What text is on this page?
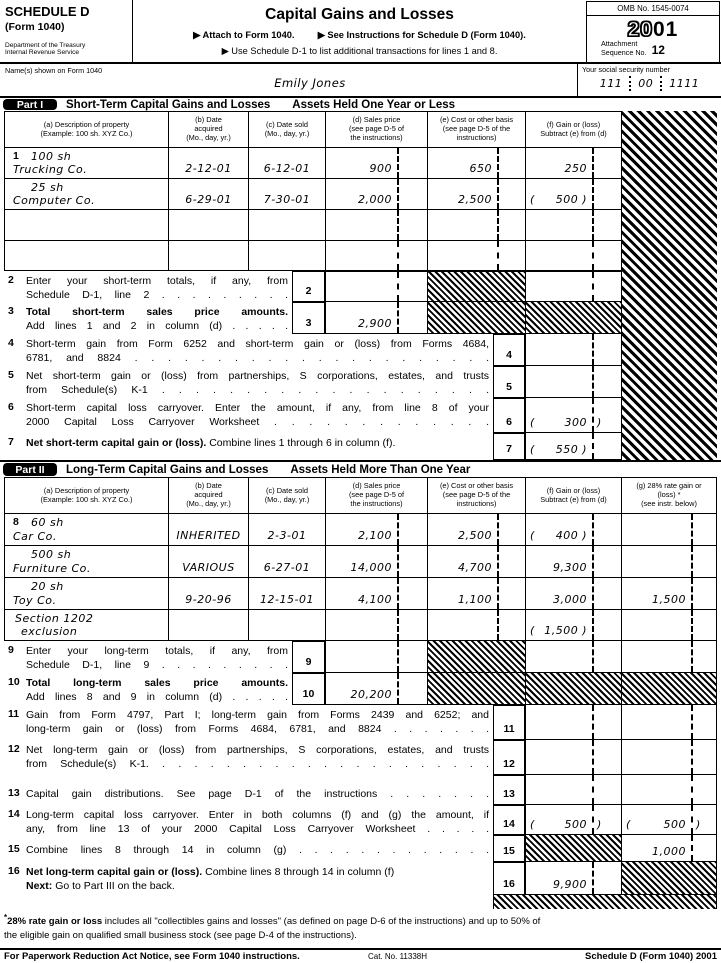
SCHEDULE D
(Form 1040)
Department of the Treasury
Internal Revenue Service
Capital Gains and Losses
▶ Attach to Form 1040. ▶ See Instructions for Schedule D (Form 1040).
▶ Use Schedule D-1 to list additional transactions for lines 1 and 8.
OMB No. 1545-0074
2001
Attachment
Sequence No. 12
Name(s) shown on Form 1040
Emily Jones
Your social security number
111 00 1111
Part I	Short-Term Capital Gains and Losses Assets Held One Year or Less
(a) Description of property
(Example: 100 sh. XYZ Co.)
(b) Date
acquired
(Mo., day, yr.)
(c) Date sold
(Mo., day, yr.)
(d) Sales price
(see page D-5 of
the instructions)
(e) Cost or other basis
(see page D-5 of the
instructions)
(f) Gain or (loss)
Subtract (e) from (d)
1	100 sh
Trucking Co.	2-12-01	6-12-01	900	650	250
25 sh
Computer Co.	6-29-01	7-30-01	2,000	2,500	(	500 )
2 Enter your short-term totals, if any, from
Schedule D-1, line 2 . . . . . . . . .	2
3 Total short-term sales price amounts.
Add lines 1 and 2 in column (d) . . . . .	3	2,900
4 Short-term gain from Form 6252 and short-term gain or (loss) from Forms 4684,
6781, and 8824 . . . . . . . . . . . . . . . . . . . . . .	4
5 Net short-term gain or (loss) from partnerships, S corporations, estates, and trusts
from Schedule(s) K-1 . . . . . . . . . . . . . . . . . . . .	5
6 Short-term capital loss carryover. Enter the amount, if any, from line 8 of your
2000 Capital Loss Carryover Worksheet . . . . . . . . . . . . .	6	(	300 )
7 Net short-term capital gain or (loss). Combine lines 1 through 6 in column (f).	7	(	550 )
Part II	Long-Term Capital Gains and Losses Assets Held More Than One Year
(a) Description of property
(Example: 100 sh. XYZ Co.)
(b) Date
acquired
(Mo., day, yr.)
(c) Date sold
(Mo., day, yr.)
(d) Sales price
(see page D-5 of
the instructions)
(e) Cost or other basis
(see page D-5 of the
instructions)
(f) Gain or (loss)
Subtract (e) from (d)
(g) 28% rate gain or
(loss) *
(see instr. below)
8	60 sh
Car Co.	INHERITED	2-3-01	2,100	2,500	(	400 )
500 sh
Furniture Co.	VARIOUS	6-27-01	14,000	4,700	9,300
20 sh
Toy Co.	9-20-96	12-15-01	4,100	1,100	3,000	1,500
Section 1202
exclusion	( 1,500 )
9 Enter your long-term totals, if any, from
Schedule D-1, line 9 . . . . . . . . .	9
10 Total long-term sales price amounts.
Add lines 8 and 9 in column (d) . . . . .	10	20,200
11 Gain from Form 4797, Part I; long-term gain from Forms 2439 and 6252; and
long-term gain or (loss) from Forms 4684, 6781, and 8824 . . . . . . .	11
12 Net long-term gain or (loss) from partnerships, S corporations, estates, and trusts
from Schedule(s) K-1. . . . . . . . . . . . . . . . . . . . . .	12
13 Capital gain distributions. See page D-1 of the instructions . . . . . . .	13
14 Long-term capital loss carryover. Enter in both columns (f) and (g) the amount, if
any, from line 13 of your 2000 Capital Loss Carryover Worksheet . . . . .	14	(	500 )	(	500 )
15 Combine lines 8 through 14 in column (g) . . . . . . . . . . . . .	15	1,000
16 Net long-term capital gain or (loss). Combine lines 8 through 14 in column (f)
Next: Go to Part III on the back.	16	9,900
*28% rate gain or loss includes all "collectibles gains and losses" (as defined on page D-6 of the instructions) and up to 50% of
the eligible gain on qualified small business stock (see page D-4 of the instructions).
For Paperwork Reduction Act Notice, see Form 1040 instructions.	Cat. No. 11338H	Schedule D (Form 1040) 2001
